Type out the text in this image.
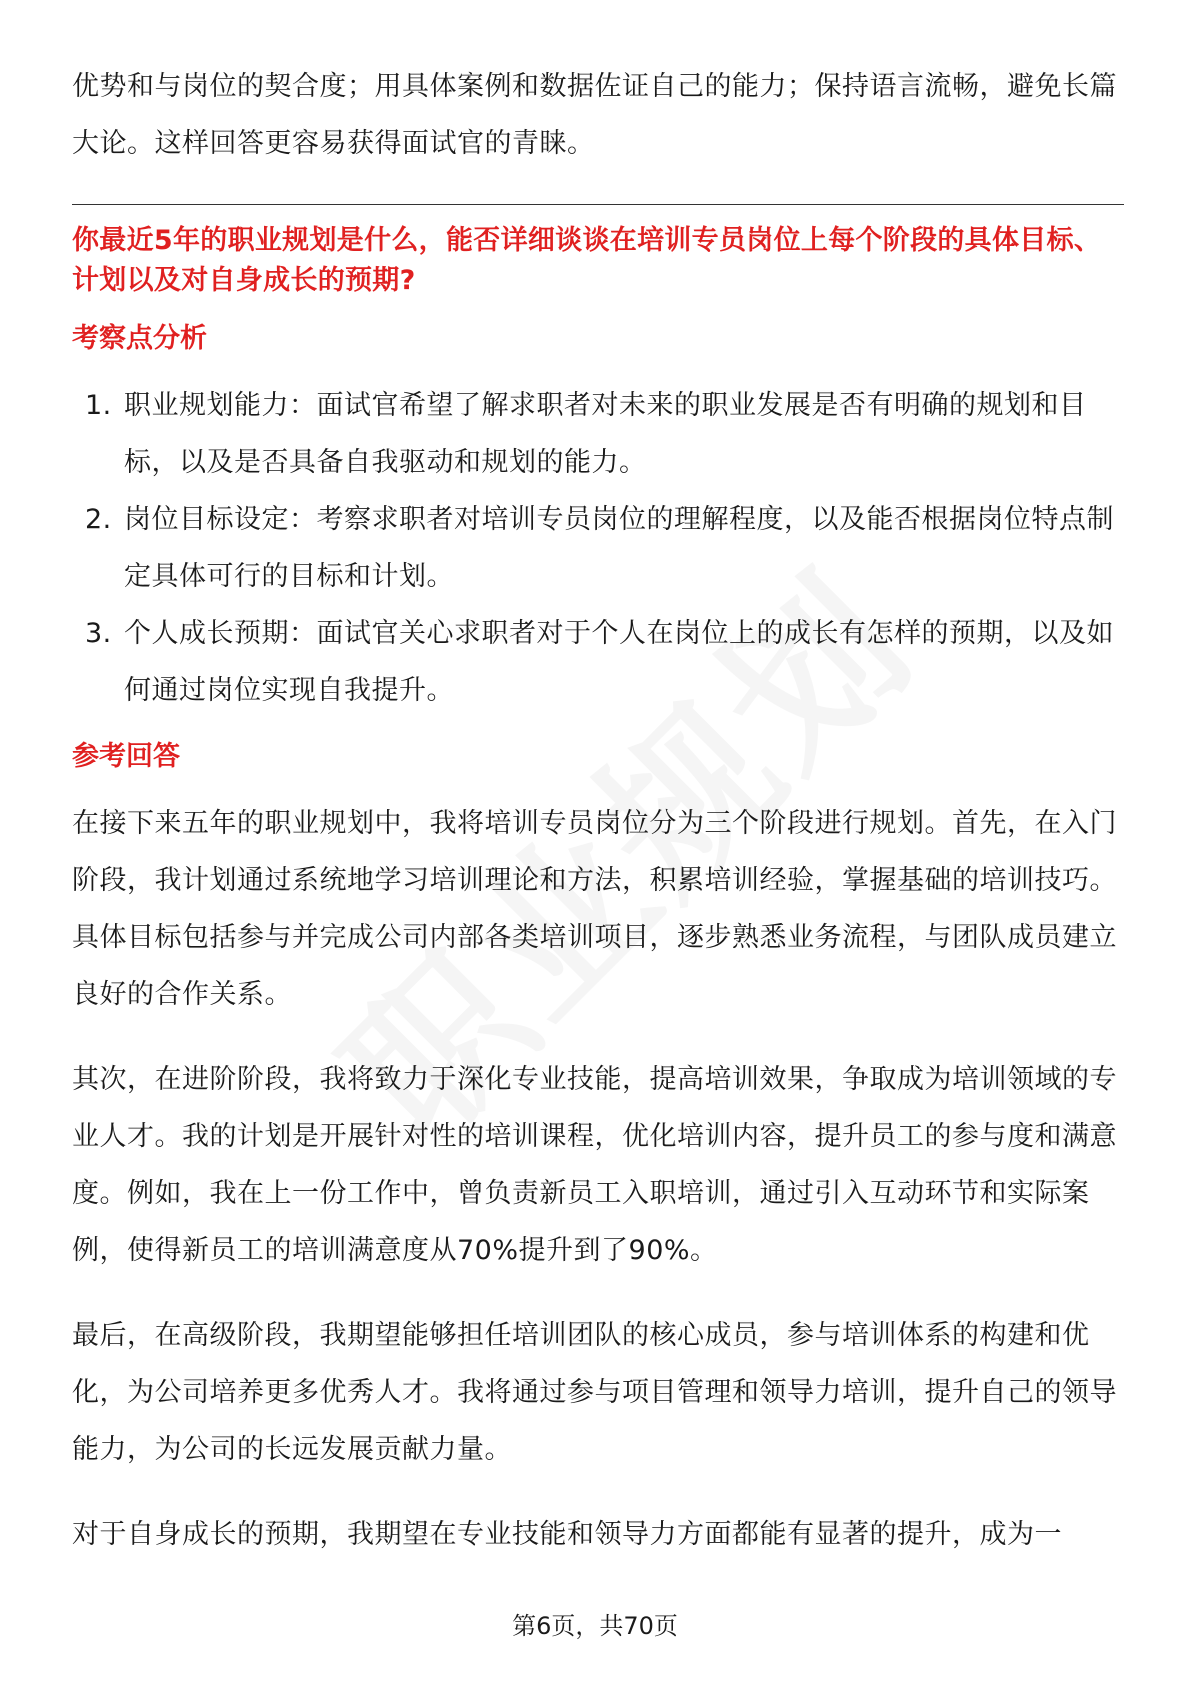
优势和与岗位的契合度；用具体案例和数据佐证自己的能力；保持语言流畅，避免长篇大论。这样回答更容易获得面试官的青睐。

你最近5年的职业规划是什么，能否详细谈谈在培训专员岗位上每个阶段的具体目标、计划以及对自身成长的预期?

考察点分析
1. 职业规划能力：面试官希望了解求职者对未来的职业发展是否有明确的规划和目标，以及是否具备自我驱动和规划的能力。
2. 岗位目标设定：考察求职者对培训专员岗位的理解程度，以及能否根据岗位特点制定具体可行的目标和计划。
3. 个人成长预期：面试官关心求职者对于个人在岗位上的成长有怎样的预期，以及如何通过岗位实现自我提升。
参考回答

在接下来五年的职业规划中，我将培训专员岗位分为三个阶段进行规划。首先，在入门阶段，我计划通过系统地学习培训理论和方法，积累培训经验，掌握基础的培训技巧。具体目标包括参与并完成公司内部各类培训项目，逐步熟悉业务流程，与团队成员建立良好的合作关系。

其次，在进阶阶段，我将致力于深化专业技能，提高培训效果，争取成为培训领域的专业人才。我的计划是开展针对性的培训课程，优化培训内容，提升员工的参与度和满意度。例如，我在上一份工作中，曾负责新员工入职培训，通过引入互动环节和实际案例，使得新员工的培训满意度从70%提升到了90%。

最后，在高级阶段，我期望能够担任培训团队的核心成员，参与培训体系的构建和优化，为公司培养更多优秀人才。我将通过参与项目管理和领导力培训，提升自己的领导能力，为公司的长远发展贡献力量。

对于自身成长的预期，我期望在专业技能和领导力方面都能有显著的提升，成为一

第6页，共70页
